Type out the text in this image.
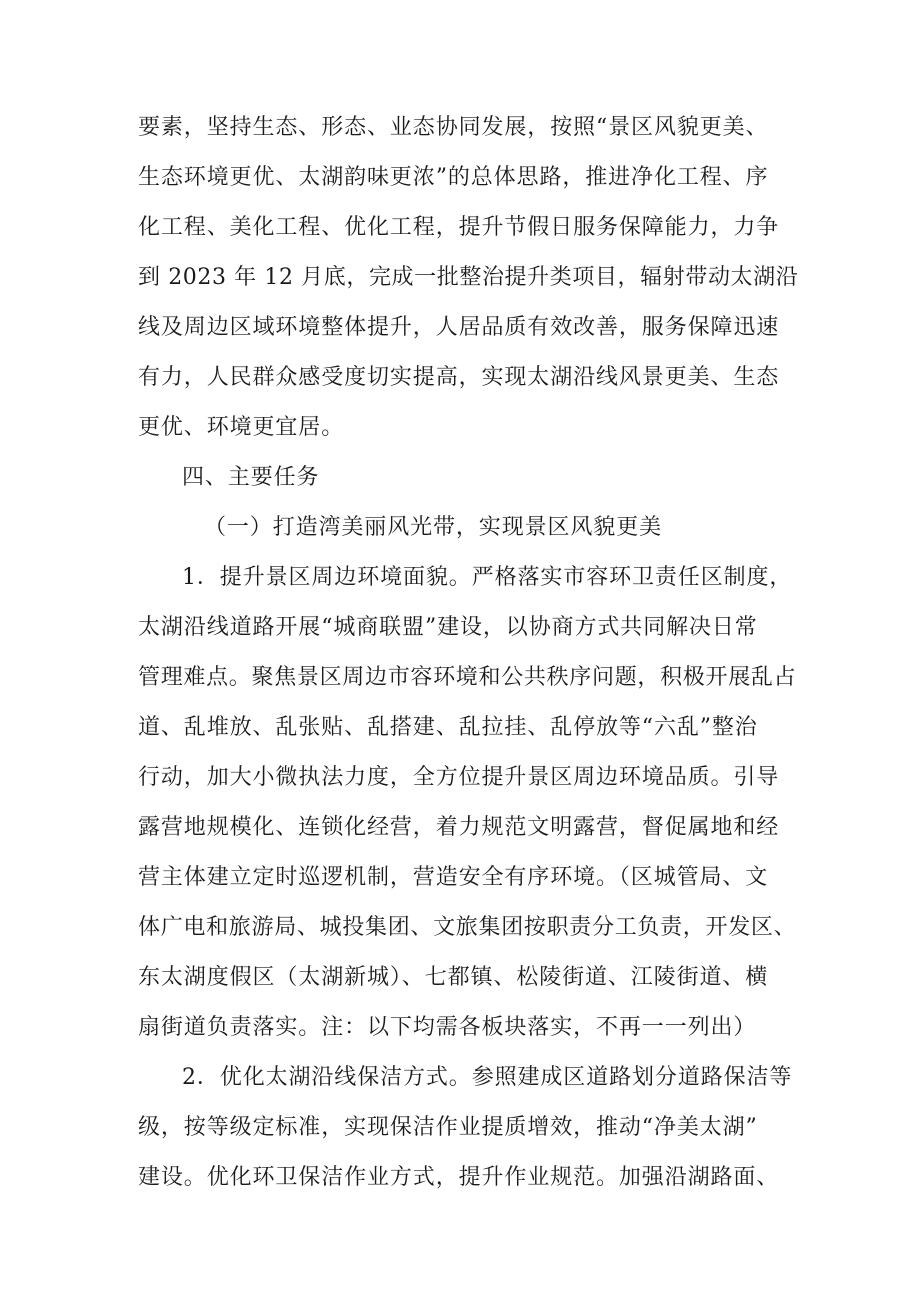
要素，坚持生态、形态、业态协同发展，按照“景区风貌更美、
生态环境更优、太湖韵味更浓”的总体思路，推进净化工程、序
化工程、美化工程、优化工程，提升节假日服务保障能力，力争
到 2023 年 12 月底，完成一批整治提升类项目，辐射带动太湖沿
线及周边区域环境整体提升，人居品质有效改善，服务保障迅速
有力，人民群众感受度切实提高，实现太湖沿线风景更美、生态
更优、环境更宜居。
四、主要任务
（一）打造湾美丽风光带，实现景区风貌更美
1．提升景区周边环境面貌。严格落实市容环卫责任区制度，
太湖沿线道路开展“城商联盟”建设，以协商方式共同解决日常
管理难点。聚焦景区周边市容环境和公共秩序问题，积极开展乱占
道、乱堆放、乱张贴、乱搭建、乱拉挂、乱停放等“六乱”整治
行动，加大小微执法力度，全方位提升景区周边环境品质。引导
露营地规模化、连锁化经营，着力规范文明露营，督促属地和经
营主体建立定时巡逻机制，营造安全有序环境。（区城管局、文
体广电和旅游局、城投集团、文旅集团按职责分工负责，开发区、
东太湖度假区（太湖新城）、七都镇、松陵街道、江陵街道、横
扇街道负责落实。注：以下均需各板块落实，不再一一列出）
2．优化太湖沿线保洁方式。参照建成区道路划分道路保洁等
级，按等级定标准，实现保洁作业提质增效，推动“净美太湖”
建设。优化环卫保洁作业方式，提升作业规范。加强沿湖路面、
